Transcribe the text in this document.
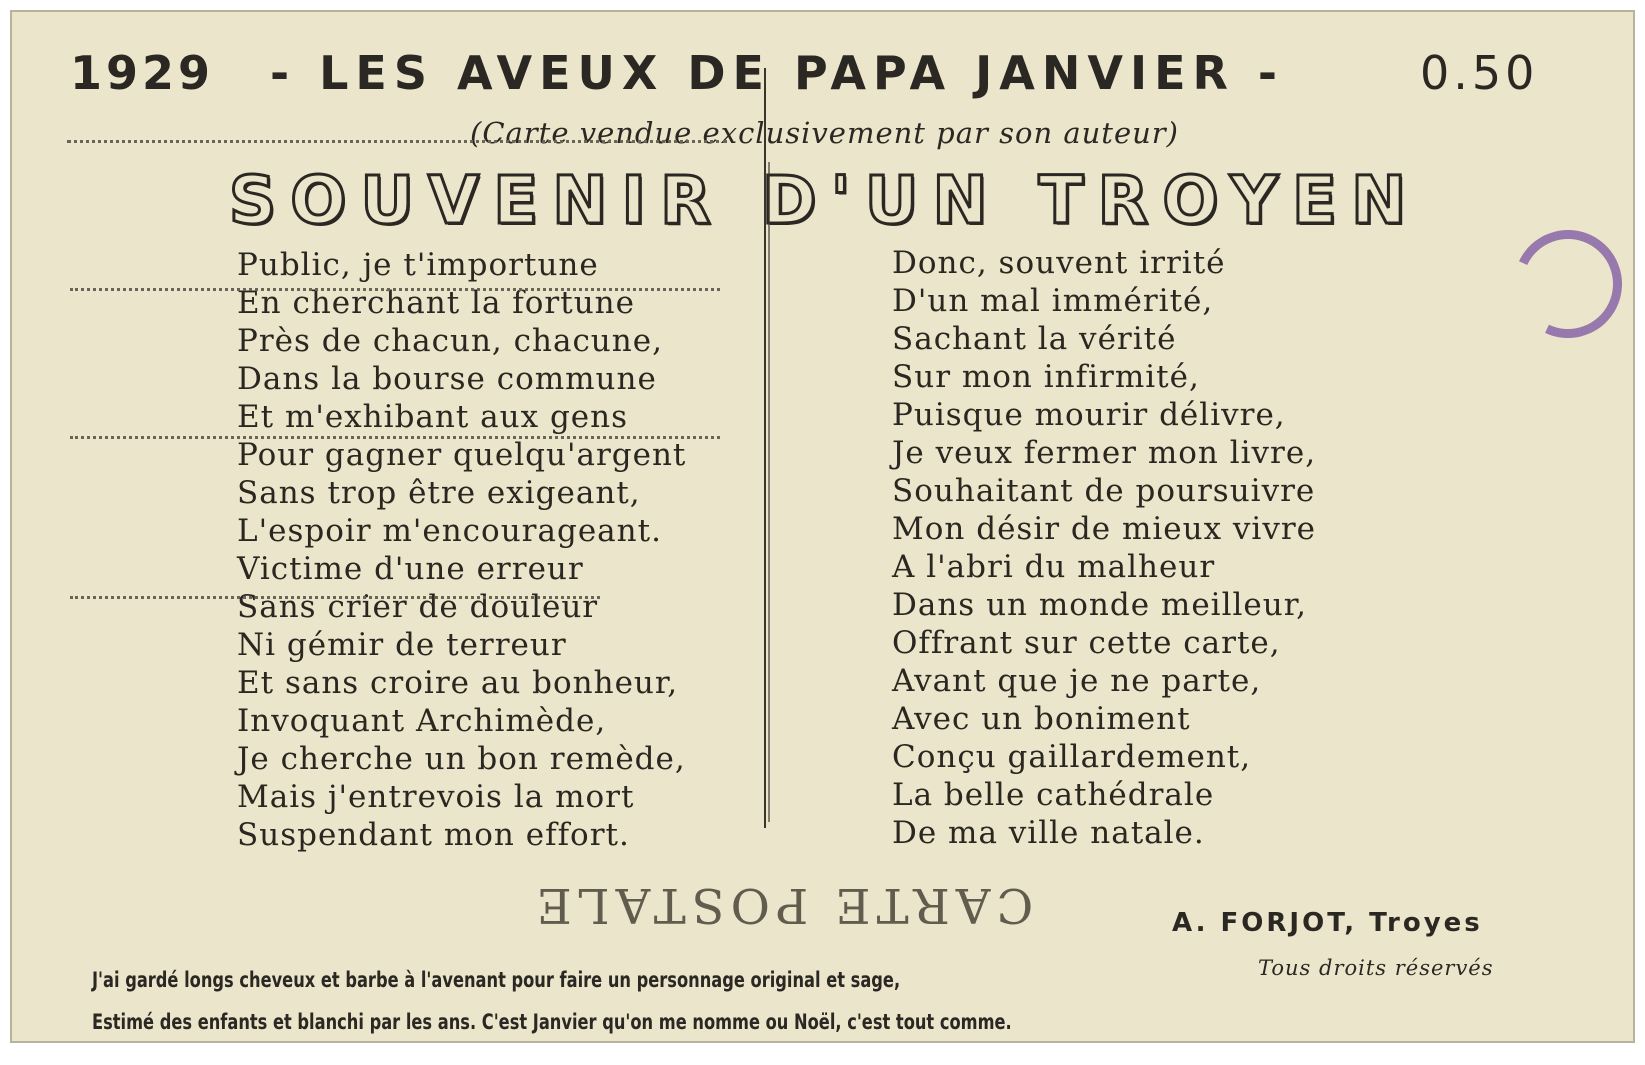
1929 - LES AVEUX DE PAPA JANVIER -	0.50
(Carte vendue exclusivement par son auteur)
SOUVENIR D'UN TROYEN
Public, je t'importune
En cherchant la fortune
Près de chacun, chacune,
Dans la bourse commune
Et m'exhibant aux gens
Pour gagner quelqu'argent
Sans trop être exigeant,
L'espoir m'encourageant.
Victime d'une erreur
Sans crier de douleur
Ni gémir de terreur
Et sans croire au bonheur,
Invoquant Archimède,
Je cherche un bon remède,
Mais j'entrevois la mort
Suspendant mon effort.
Donc, souvent irrité
D'un mal immérité,
Sachant la vérité
Sur mon infirmité,
Puisque mourir délivre,
Je veux fermer mon livre,
Souhaitant de poursuivre
Mon désir de mieux vivre
A l'abri du malheur
Dans un monde meilleur,
Offrant sur cette carte,
Avant que je ne parte,
Avec un boniment
Conçu gaillardement,
La belle cathédrale
De ma ville natale.
CARTE POSTALE	A. FORJOT, Troyes
Tous droits réservés
J'ai gardé longs cheveux et barbe à l'avenant pour faire un personnage original et sage,
Estimé des enfants et blanchi par les ans. C'est Janvier qu'on me nomme ou Noël, c'est tout comme.
